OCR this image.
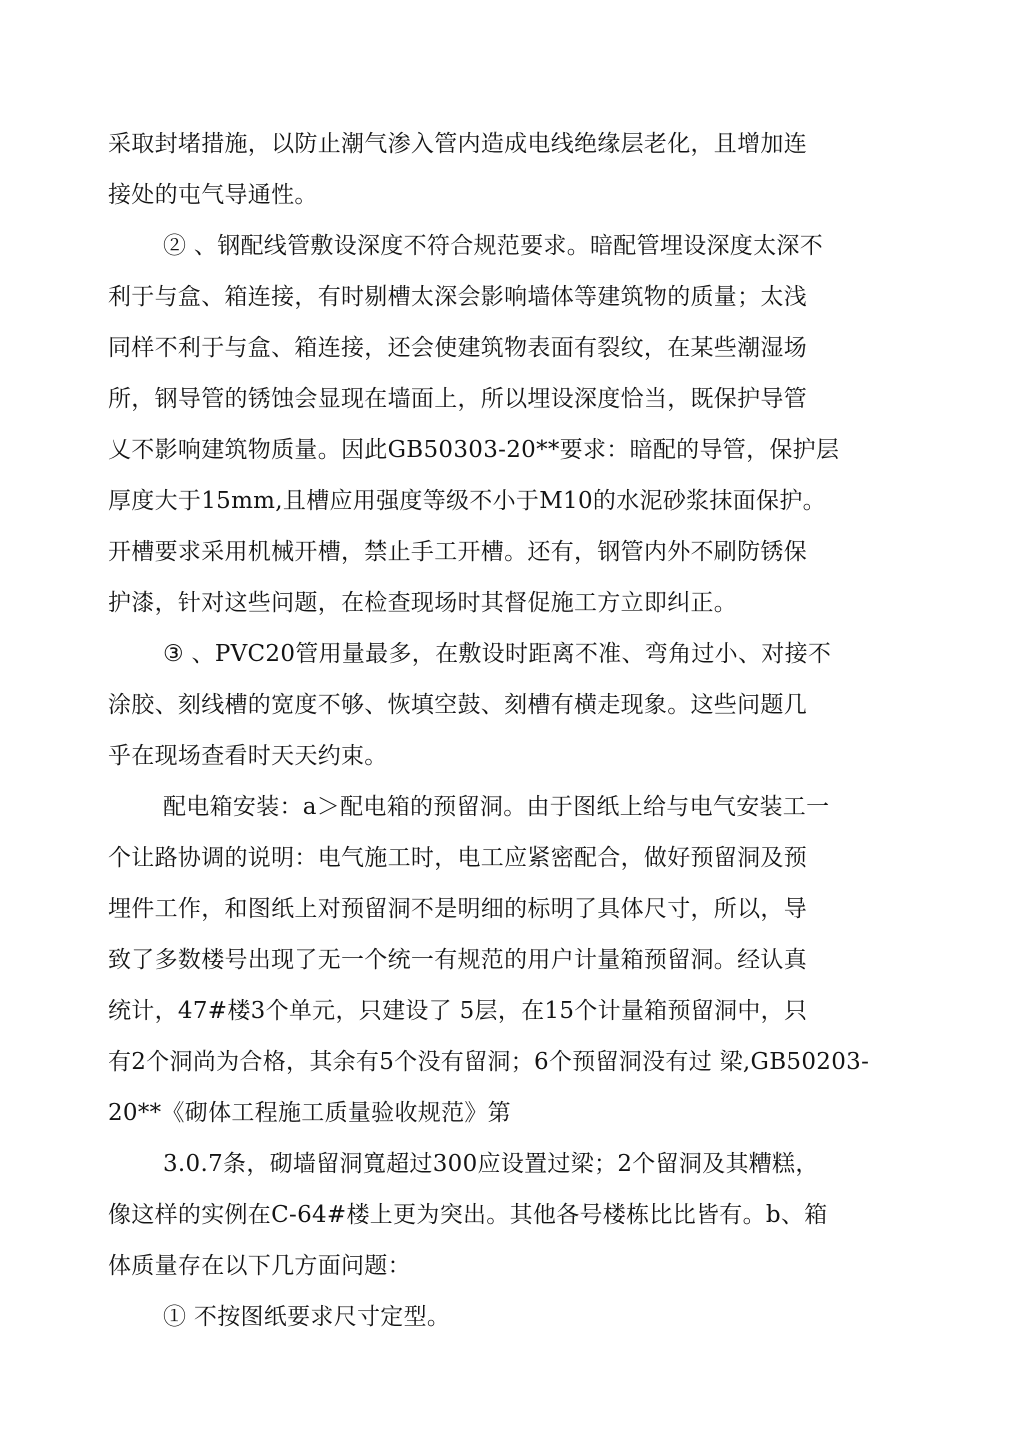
采取封堵措施，以防止潮气渗入管内造成电线绝缘层老化，且增加连
接处的屯气导通性。
② 、钢配线管敷设深度不符合规范要求。暗配管埋设深度太深不
利于与盒、箱连接，有时剔槽太深会影响墙体等建筑物的质量；太浅
同样不利于与盒、箱连接，还会使建筑物表面有裂纹，在某些潮湿场
所，钢导管的锈蚀会显现在墙面上，所以埋设深度恰当，既保护导管
乂不影响建筑物质量。因此GB50303-20**要求：暗配的导管，保护层
厚度大于15mm,且槽应用强度等级不小于M10的水泥砂浆抹面保护。
开槽要求采用机械开槽，禁止手工开槽。还有，钢管内外不刷防锈保
护漆，针对这些问题，在检查现场时其督促施工方立即纠正。
③ 、PVC20管用量最多，在敷设时距离不准、弯角过小、对接不
涂胶、刻线槽的宽度不够、恢填空鼓、刻槽有横走现象。这些问题几
乎在现场查看时天天约束。
配电箱安装：a＞配电箱的预留洞。由于图纸上给与电气安装工一
个让路协调的说明：电气施工时，电工应紧密配合，做好预留洞及预
埋件工作，和图纸上对预留洞不是明细的标明了具体尺寸，所以，导
致了多数楼号出现了无一个统一有规范的用户计量箱预留洞。经认真
统计，47#楼3个单元，只建设了 5层，在15个计量箱预留洞中，只
有2个洞尚为合格，其余有5个没有留洞；6个预留洞没有过 梁,GB50203-
20**《砌体工程施工质量验收规范》第
3.0.7条，砌墙留洞寬超过300应设置过梁；2个留洞及其糟糕，
像这样的实例在C-64#楼上更为突出。其他各号楼栋比比皆有。b、箱
体质量存在以下几方面问题：
① 不按图纸要求尺寸定型。
